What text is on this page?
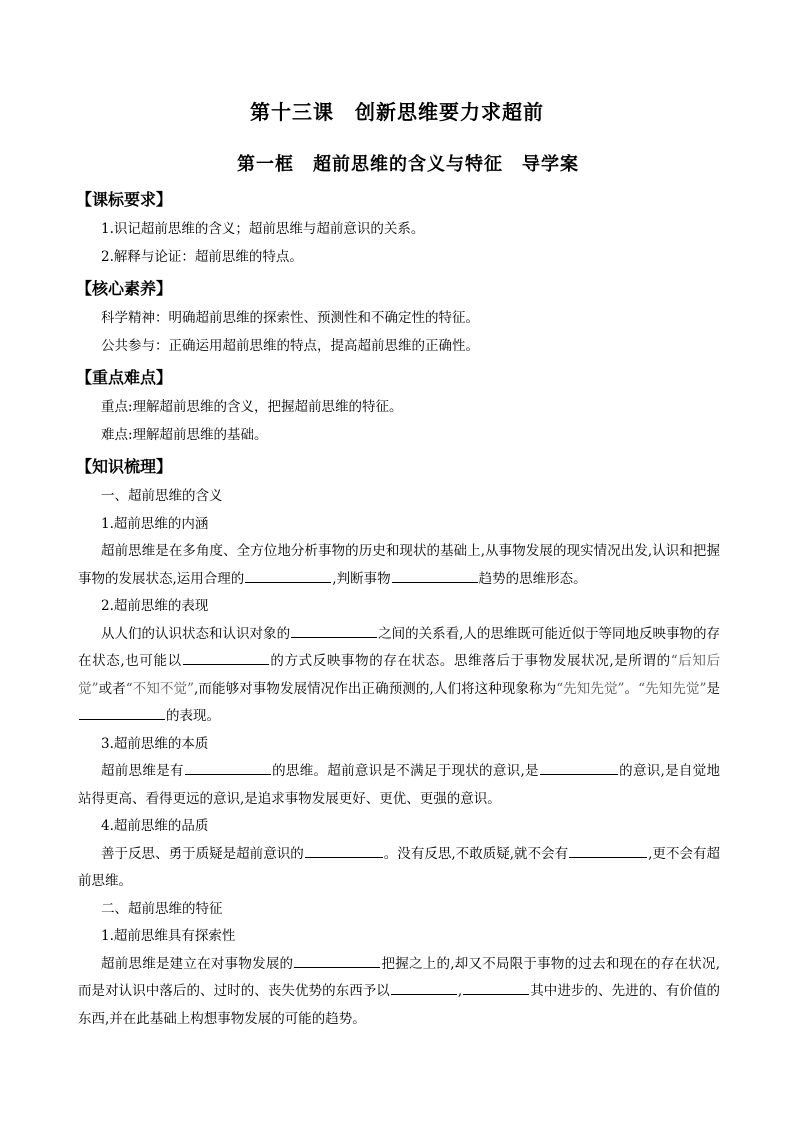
第十三课　创新思维要力求超前
第一框　超前思维的含义与特征　导学案
【课标要求】
1.识记超前思维的含义；超前思维与超前意识的关系。
2.解释与论证：超前思维的特点。
【核心素养】
科学精神：明确超前思维的探索性、预测性和不确定性的特征。
公共参与：正确运用超前思维的特点，提高超前思维的正确性。
【重点难点】
重点:理解超前思维的含义，把握超前思维的特征。
难点:理解超前思维的基础。
【知识梳理】
一、超前思维的含义
1.超前思维的内涵
超前思维是在多角度、全方位地分析事物的历史和现状的基础上,从事物发展的现实情况出发,认识和把握事物的发展状态,运用合理的	,判断事物	趋势的思维形态。
2.超前思维的表现
从人们的认识状态和认识对象的	之间的关系看,人的思维既可能近似于等同地反映事物的存在状态,也可能以	的方式反映事物的存在状态。思维落后于事物发展状况,是所谓的“后知后觉”或者“不知不觉”,而能够对事物发展情况作出正确预测的,人们将这种现象称为“先知先觉”。“先知先觉”是的表现。
3.超前思维的本质
超前思维是有	的思维。超前意识是不满足于现状的意识,是	的意识,是自觉地站得更高、看得更远的意识,是追求事物发展更好、更优、更强的意识。
4.超前思维的品质
善于反思、勇于质疑是超前意识的	。没有反思,不敢质疑,就不会有	,更不会有超前思维。
二、超前思维的特征
1.超前思维具有探索性
超前思维是建立在对事物发展的	把握之上的,却又不局限于事物的过去和现在的存在状况,而是对认识中落后的、过时的、丧失优势的东西予以	,	其中进步的、先进的、有价值的东西,并在此基础上构想事物发展的可能的趋势。
